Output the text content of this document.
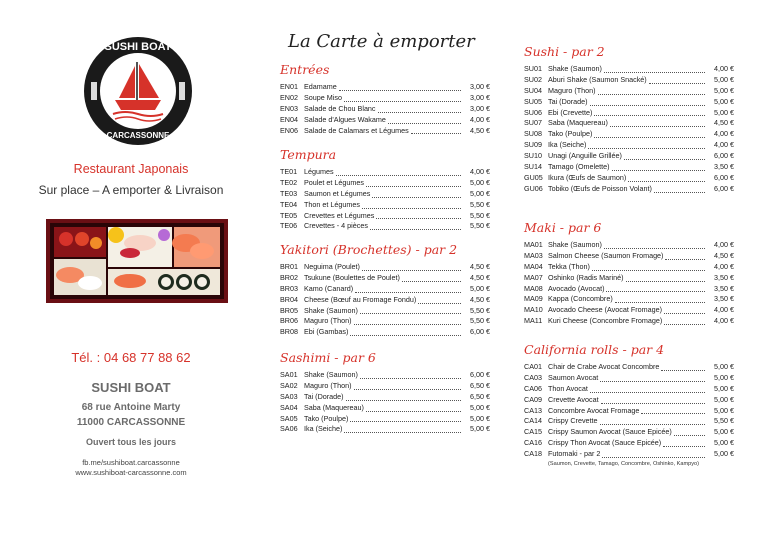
SUSHI BOAT
CARCASSONNE
Restaurant Japonais
Sur place – A emporter & Livraison
Tél. : 04 68 77 88 62
SUSHI BOAT
68 rue Antoine Marty
11000 CARCASSONNE
Ouvert tous les jours
fb.me/sushiboat.carcassonne
www.sushiboat-carcassonne.com
La Carte à emporter
Entrées
EN01 Edamame	3,00 €
EN02 Soupe Miso	3,00 €
EN03 Salade de Chou Blanc	3,00 €
EN04 Salade d'Algues Wakame	4,00 €
EN06 Salade de Calamars et Légumes	4,50 €
Tempura
TE01 Légumes	4,00 €
TE02 Poulet et Légumes	5,00 €
TE03 Saumon et Légumes	5,00 €
TE04 Thon et Légumes	5,50 €
TE05 Crevettes et Légumes	5,50 €
TE06 Crevettes - 4 pièces	5,50 €
Yakitori (Brochettes) - par 2
BR01 Neguima (Poulet)	4,50 €
BR02 Tsukune (Boulettes de Poulet)	4,50 €
BR03 Kamo (Canard)	5,00 €
BR04 Cheese (Bœuf au Fromage Fondu)	4,50 €
BR05 Shake (Saumon)	5,50 €
BR06 Maguro (Thon)	5,50 €
BR08 Ebi (Gambas)	6,00 €
Sashimi - par 6
SA01 Shake (Saumon)	6,00 €
SA02 Maguro (Thon)	6,50 €
SA03 Tai (Dorade)	6,50 €
SA04 Saba (Maquereau)	5,00 €
SA05 Tako (Poulpe)	5,00 €
SA06 Ika (Seiche)	5,00 €
Sushi - par 2
SU01 Shake (Saumon)	4,00 €
SU02 Aburi Shake (Saumon Snacké)	5,00 €
SU04 Maguro (Thon)	5,00 €
SU05 Tai (Dorade)	5,00 €
SU06 Ebi (Crevette)	5,00 €
SU07 Saba (Maquereau)	4,50 €
SU08 Tako (Poulpe)	4,00 €
SU09 Ika (Seiche)	4,00 €
SU10 Unagi (Anguille Grillée)	6,00 €
SU14 Tamago (Omelette)	3,50 €
GU05 Ikura (Œufs de Saumon)	6,00 €
GU06 Tobiko (Œufs de Poisson Volant)	6,00 €
Maki - par 6
MA01 Shake (Saumon)	4,00 €
MA03 Salmon Cheese (Saumon Fromage)	4,50 €
MA04 Tekka (Thon)	4,00 €
MA07 Oshinko (Radis Mariné)	3,50 €
MA08 Avocado (Avocat)	3,50 €
MA09 Kappa (Concombre)	3,50 €
MA10 Avocado Cheese (Avocat Fromage)	4,00 €
MA11 Kuri Cheese (Concombre Fromage)	4,00 €
California rolls - par 4
CA01 Chair de Crabe Avocat Concombre	5,00 €
CA03 Saumon Avocat	5,00 €
CA06 Thon Avocat	5,00 €
CA09 Crevette Avocat	5,00 €
CA13 Concombre Avocat Fromage	5,00 €
CA14 Crispy Crevette	5,50 €
CA15 Crispy Saumon Avocat (Sauce Epicée)	5,00 €
CA16 Crispy Thon Avocat (Sauce Epicée)	5,00 €
CA18 Futomaki - par 2	5,00 €
(Saumon, Crevette, Tamago, Concombre, Oshinko, Kampyo)
